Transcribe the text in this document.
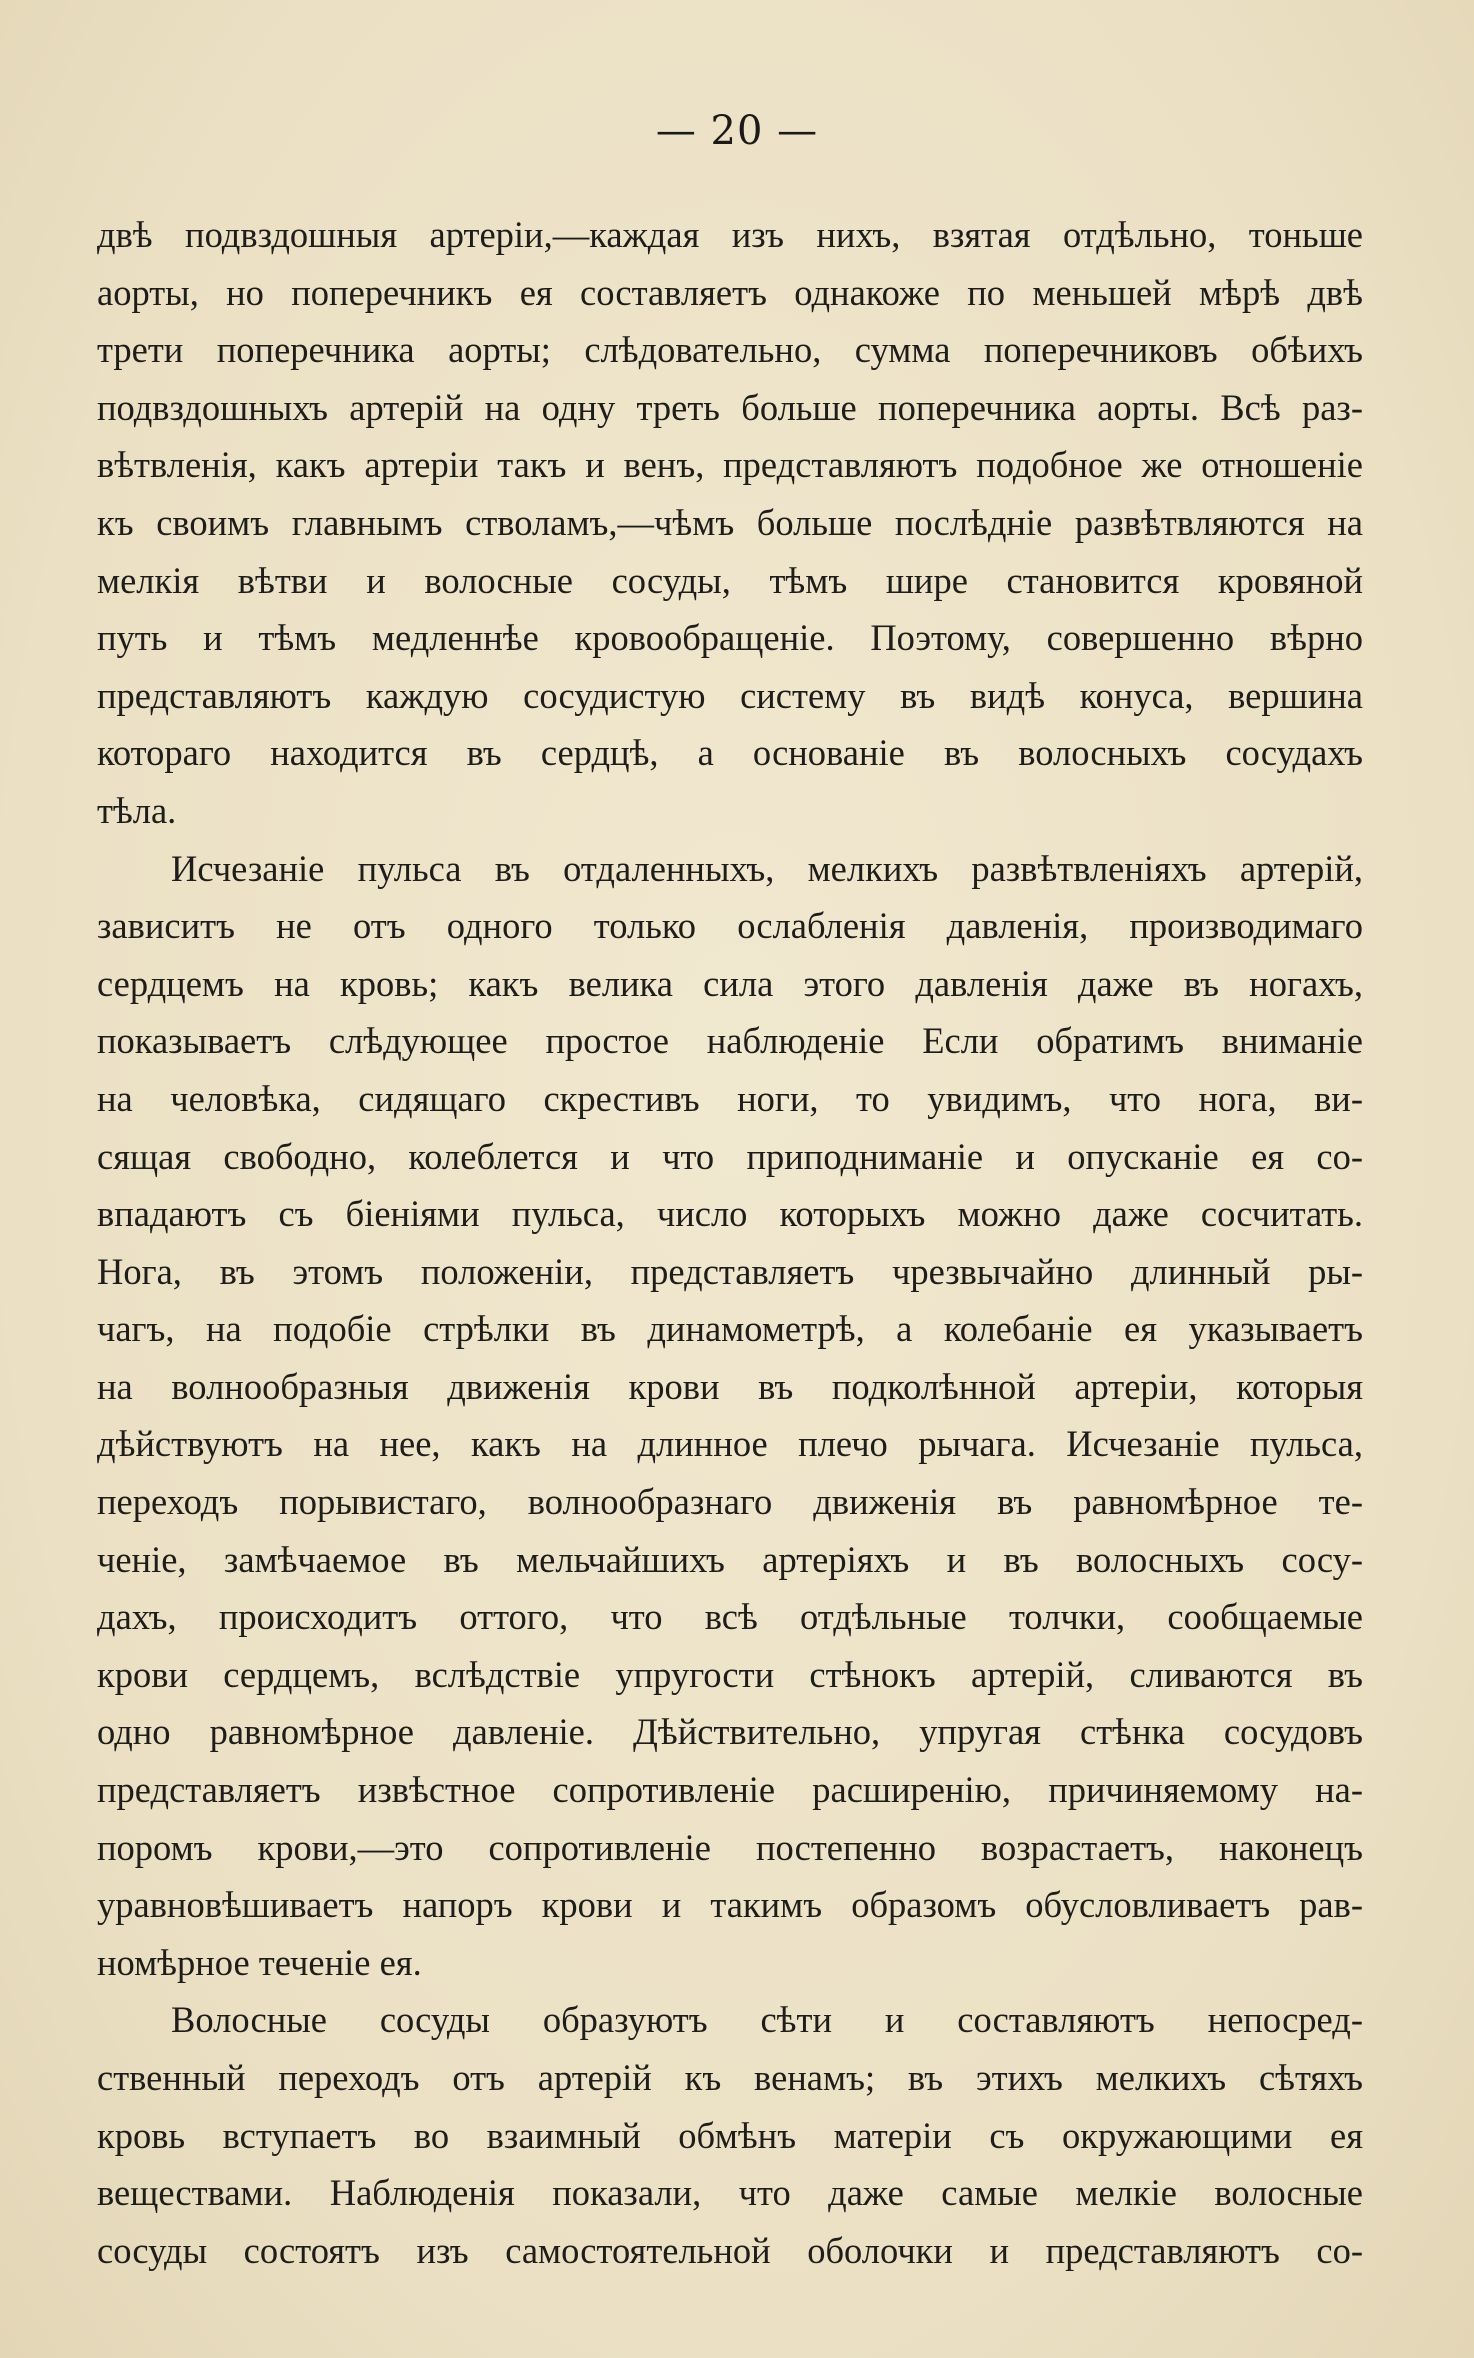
— 20 —
двѣ подвздошныя артеріи,—каждая изъ нихъ, взятая отдѣльно, тоньше
аорты, но поперечникъ ея составляетъ однакоже по меньшей мѣрѣ двѣ
трети поперечника аорты; слѣдовательно, сумма поперечниковъ обѣихъ
подвздошныхъ артерій на одну треть больше поперечника аорты. Всѣ раз-
вѣтвленія, какъ артеріи такъ и венъ, представляютъ подобное же отношеніе
къ своимъ главнымъ стволамъ,—чѣмъ больше послѣдніе развѣтвляются на
мелкія вѣтви и волосные сосуды, тѣмъ шире становится кровяной
путь и тѣмъ медленнѣе кровообращеніе. Поэтому, совершенно вѣрно
представляютъ каждую сосудистую систему въ видѣ конуса, вершина
котораго находится въ сердцѣ, а основаніе въ волосныхъ сосудахъ
тѣла.
Исчезаніе пульса въ отдаленныхъ, мелкихъ развѣтвленіяхъ артерій,
зависитъ не отъ одного только ослабленія давленія, производимаго
сердцемъ на кровь; какъ велика сила этого давленія даже въ ногахъ,
показываетъ слѣдующее простое наблюденіе Если обратимъ вниманіе
на человѣка, сидящаго скрестивъ ноги, то увидимъ, что нога, ви-
сящая свободно, колеблется и что приподниманіе и опусканіе ея со-
впадаютъ съ біеніями пульса, число которыхъ можно даже сосчитать.
Нога, въ этомъ положеніи, представляетъ чрезвычайно длинный ры-
чагъ, на подобіе стрѣлки въ динамометрѣ, а колебаніе ея указываетъ
на волнообразныя движенія крови въ подколѣнной артеріи, которыя
дѣйствуютъ на нее, какъ на длинное плечо рычага. Исчезаніе пульса,
переходъ порывистаго, волнообразнаго движенія въ равномѣрное те-
ченіе, замѣчаемое въ мельчайшихъ артеріяхъ и въ волосныхъ сосу-
дахъ, происходитъ оттого, что всѣ отдѣльные толчки, сообщаемые
крови сердцемъ, вслѣдствіе упругости стѣнокъ артерій, сливаются въ
одно равномѣрное давленіе. Дѣйствительно, упругая стѣнка сосудовъ
представляетъ извѣстное сопротивленіе расширенію, причиняемому на-
поромъ крови,—это сопротивленіе постепенно возрастаетъ, наконецъ
уравновѣшиваетъ напоръ крови и такимъ образомъ обусловливаетъ рав-
номѣрное теченіе ея.
Волосные сосуды образуютъ сѣти и составляютъ непосред-
ственный переходъ отъ артерій къ венамъ; въ этихъ мелкихъ сѣтяхъ
кровь вступаетъ во взаимный обмѣнъ матеріи съ окружающими ея
веществами. Наблюденія показали, что даже самые мелкіе волосные
сосуды состоятъ изъ самостоятельной оболочки и представляютъ со-
